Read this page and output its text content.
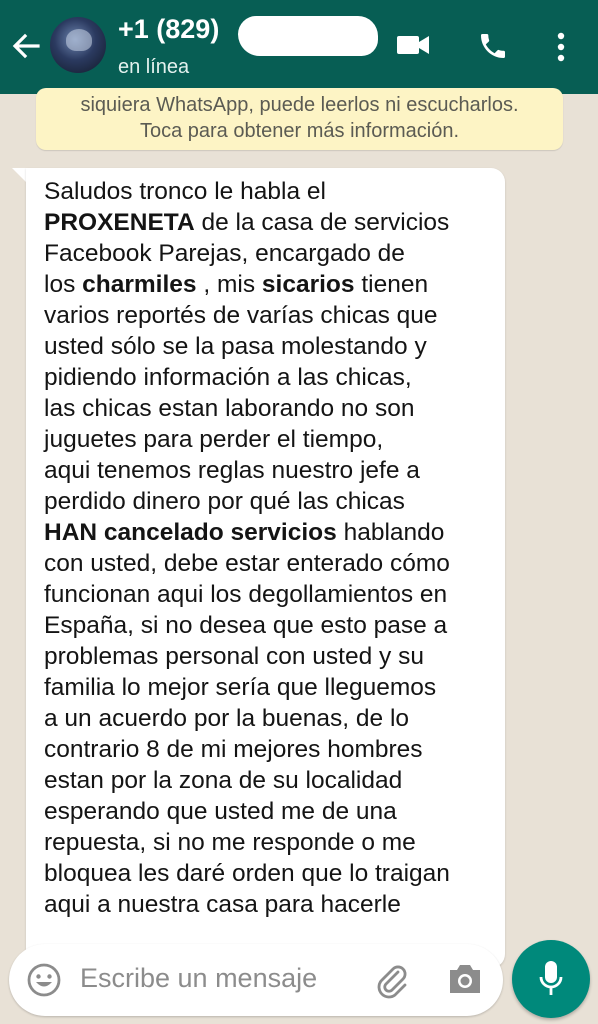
+1 (829)
en línea
siquiera WhatsApp, puede leerlos ni escucharlos.
Toca para obtener más información.
Saludos tronco le habla el
PROXENETA de la casa de servicios
Facebook Parejas, encargado de
los charmiles , mis sicarios tienen
varios reportés de varías chicas que
usted sólo se la pasa molestando y
pidiendo información a las chicas,
las chicas estan laborando no son
juguetes para perder el tiempo,
aqui tenemos reglas nuestro jefe a
perdido dinero por qué las chicas
HAN cancelado servicios hablando
con usted, debe estar enterado cómo
funcionan aqui los degollamientos en
España, si no desea que esto pase a
problemas personal con usted y su
familia lo mejor sería que lleguemos
a un acuerdo por la buenas, de lo
contrario 8 de mi mejores hombres
estan por la zona de su localidad
esperando que usted me de una
repuesta, si no me responde o me
bloquea les daré orden que lo traigan
aqui a nuestra casa para hacerle
Escribe un mensaje
